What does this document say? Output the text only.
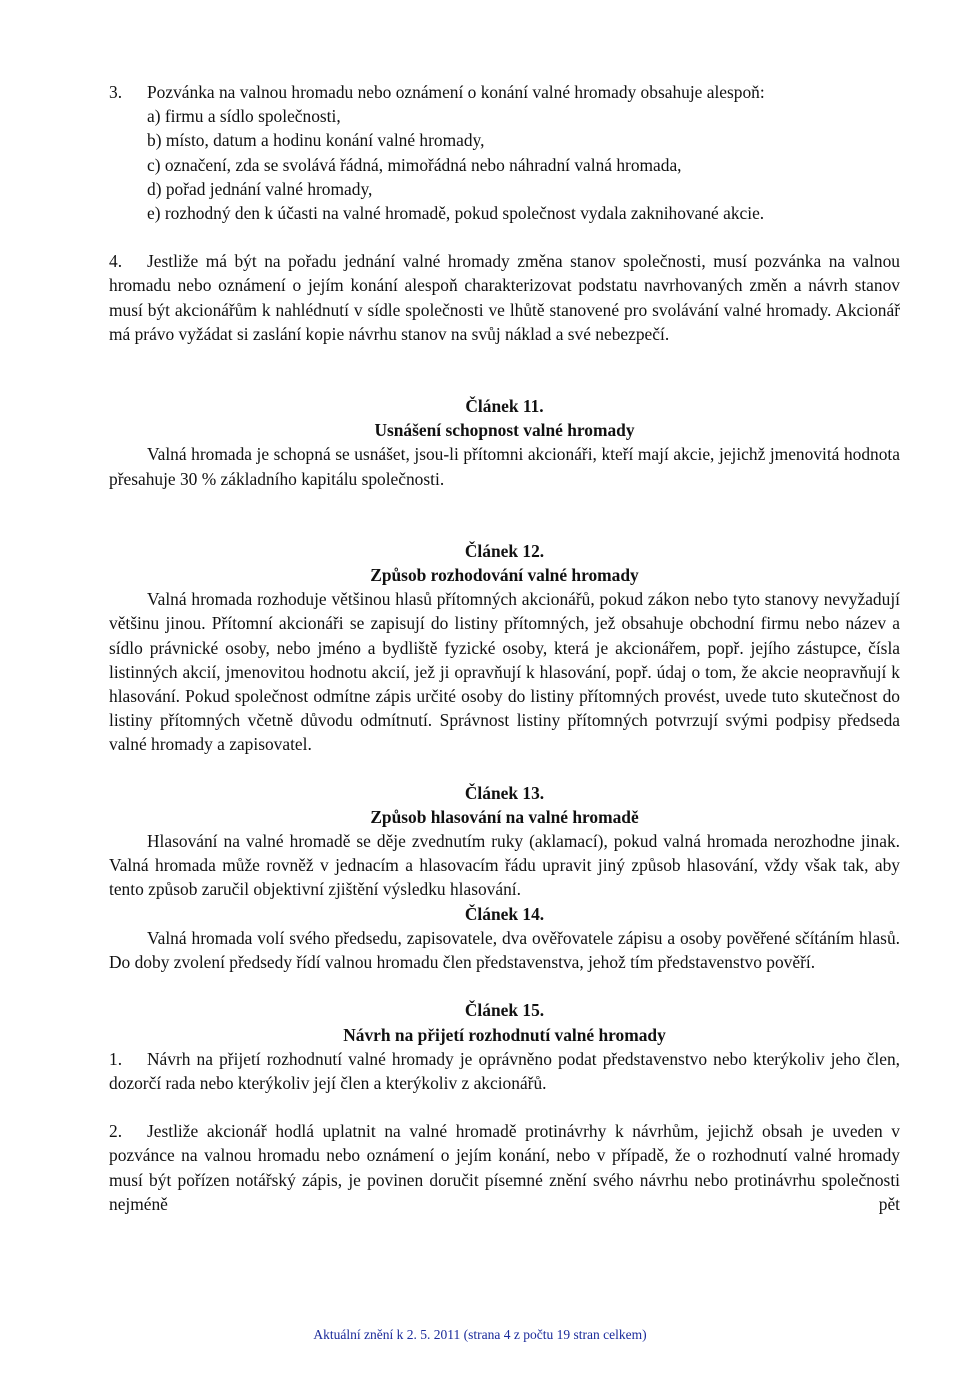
3. Pozvánka na valnou hromadu nebo oznámení o konání valné hromady obsahuje alespoň:

a) firmu a sídlo společnosti,
b) místo, datum a hodinu konání valné hromady,
c) označení, zda se svolává řádná, mimořádná nebo náhradní valná hromada,
d) pořad jednání valné hromady,
e) rozhodný den k účasti na valné hromadě, pokud společnost vydala zaknihované akcie.

4. Jestliže má být na pořadu jednání valné hromady změna stanov společnosti, musí pozvánka na valnou hromadu nebo oznámení o jejím konání alespoň charakterizovat podstatu navrhovaných změn a návrh stanov musí být akcionářům k nahlédnutí v sídle společnosti ve lhůtě stanovené pro svolávání valné hromady. Akcionář má právo vyžádat si zaslání kopie návrhu stanov na svůj náklad a své nebezpečí.

Článek 11.

Usnášení schopnost valné hromady

Valná hromada je schopná se usnášet, jsou-li přítomni akcionáři, kteří mají akcie, jejichž jmenovitá hodnota přesahuje 30 % základního kapitálu společnosti.

Článek 12.

Způsob rozhodování valné hromady

Valná hromada rozhoduje většinou hlasů přítomných akcionářů, pokud zákon nebo tyto stanovy nevyžadují většinu jinou. Přítomní akcionáři se zapisují do listiny přítomných, jež obsahuje obchodní firmu nebo název a sídlo právnické osoby, nebo jméno a bydliště fyzické osoby, která je akcionářem, popř. jejího zástupce, čísla listinných akcií, jmenovitou hodnotu akcií, jež ji opravňují k hlasování, popř. údaj o tom, že akcie neopravňují k hlasování. Pokud společnost odmítne zápis určité osoby do listiny přítomných provést, uvede tuto skutečnost do listiny přítomných včetně důvodu odmítnutí. Správnost listiny přítomných potvrzují svými podpisy předseda valné hromady a zapisovatel.

Článek 13.

Způsob hlasování na valné hromadě

Hlasování na valné hromadě se děje zvednutím ruky (aklamací), pokud valná hromada nerozhodne jinak. Valná hromada může rovněž v jednacím a hlasovacím řádu upravit jiný způsob hlasování, vždy však tak, aby tento způsob zaručil objektivní zjištění výsledku hlasování.

Článek 14.

Valná hromada volí svého předsedu, zapisovatele, dva ověřovatele zápisu a osoby pověřené sčítáním hlasů. Do doby zvolení předsedy řídí valnou hromadu člen představenstva, jehož tím představenstvo pověří.

Článek 15.

Návrh na přijetí rozhodnutí valné hromady

1. Návrh na přijetí rozhodnutí valné hromady je oprávněno podat představenstvo nebo kterýkoliv jeho člen, dozorčí rada nebo kterýkoliv její člen a kterýkoliv z akcionářů.

2. Jestliže akcionář hodlá uplatnit na valné hromadě protinávrhy k návrhům, jejichž obsah je uveden v pozvánce na valnou hromadu nebo oznámení o jejím konání, nebo v případě, že o rozhodnutí valné hromady musí být pořízen notářský zápis, je povinen doručit písemné znění svého návrhu nebo protinávrhu společnosti nejméně pět

Aktuální znění k 2. 5. 2011 (strana 4 z počtu 19 stran celkem)
